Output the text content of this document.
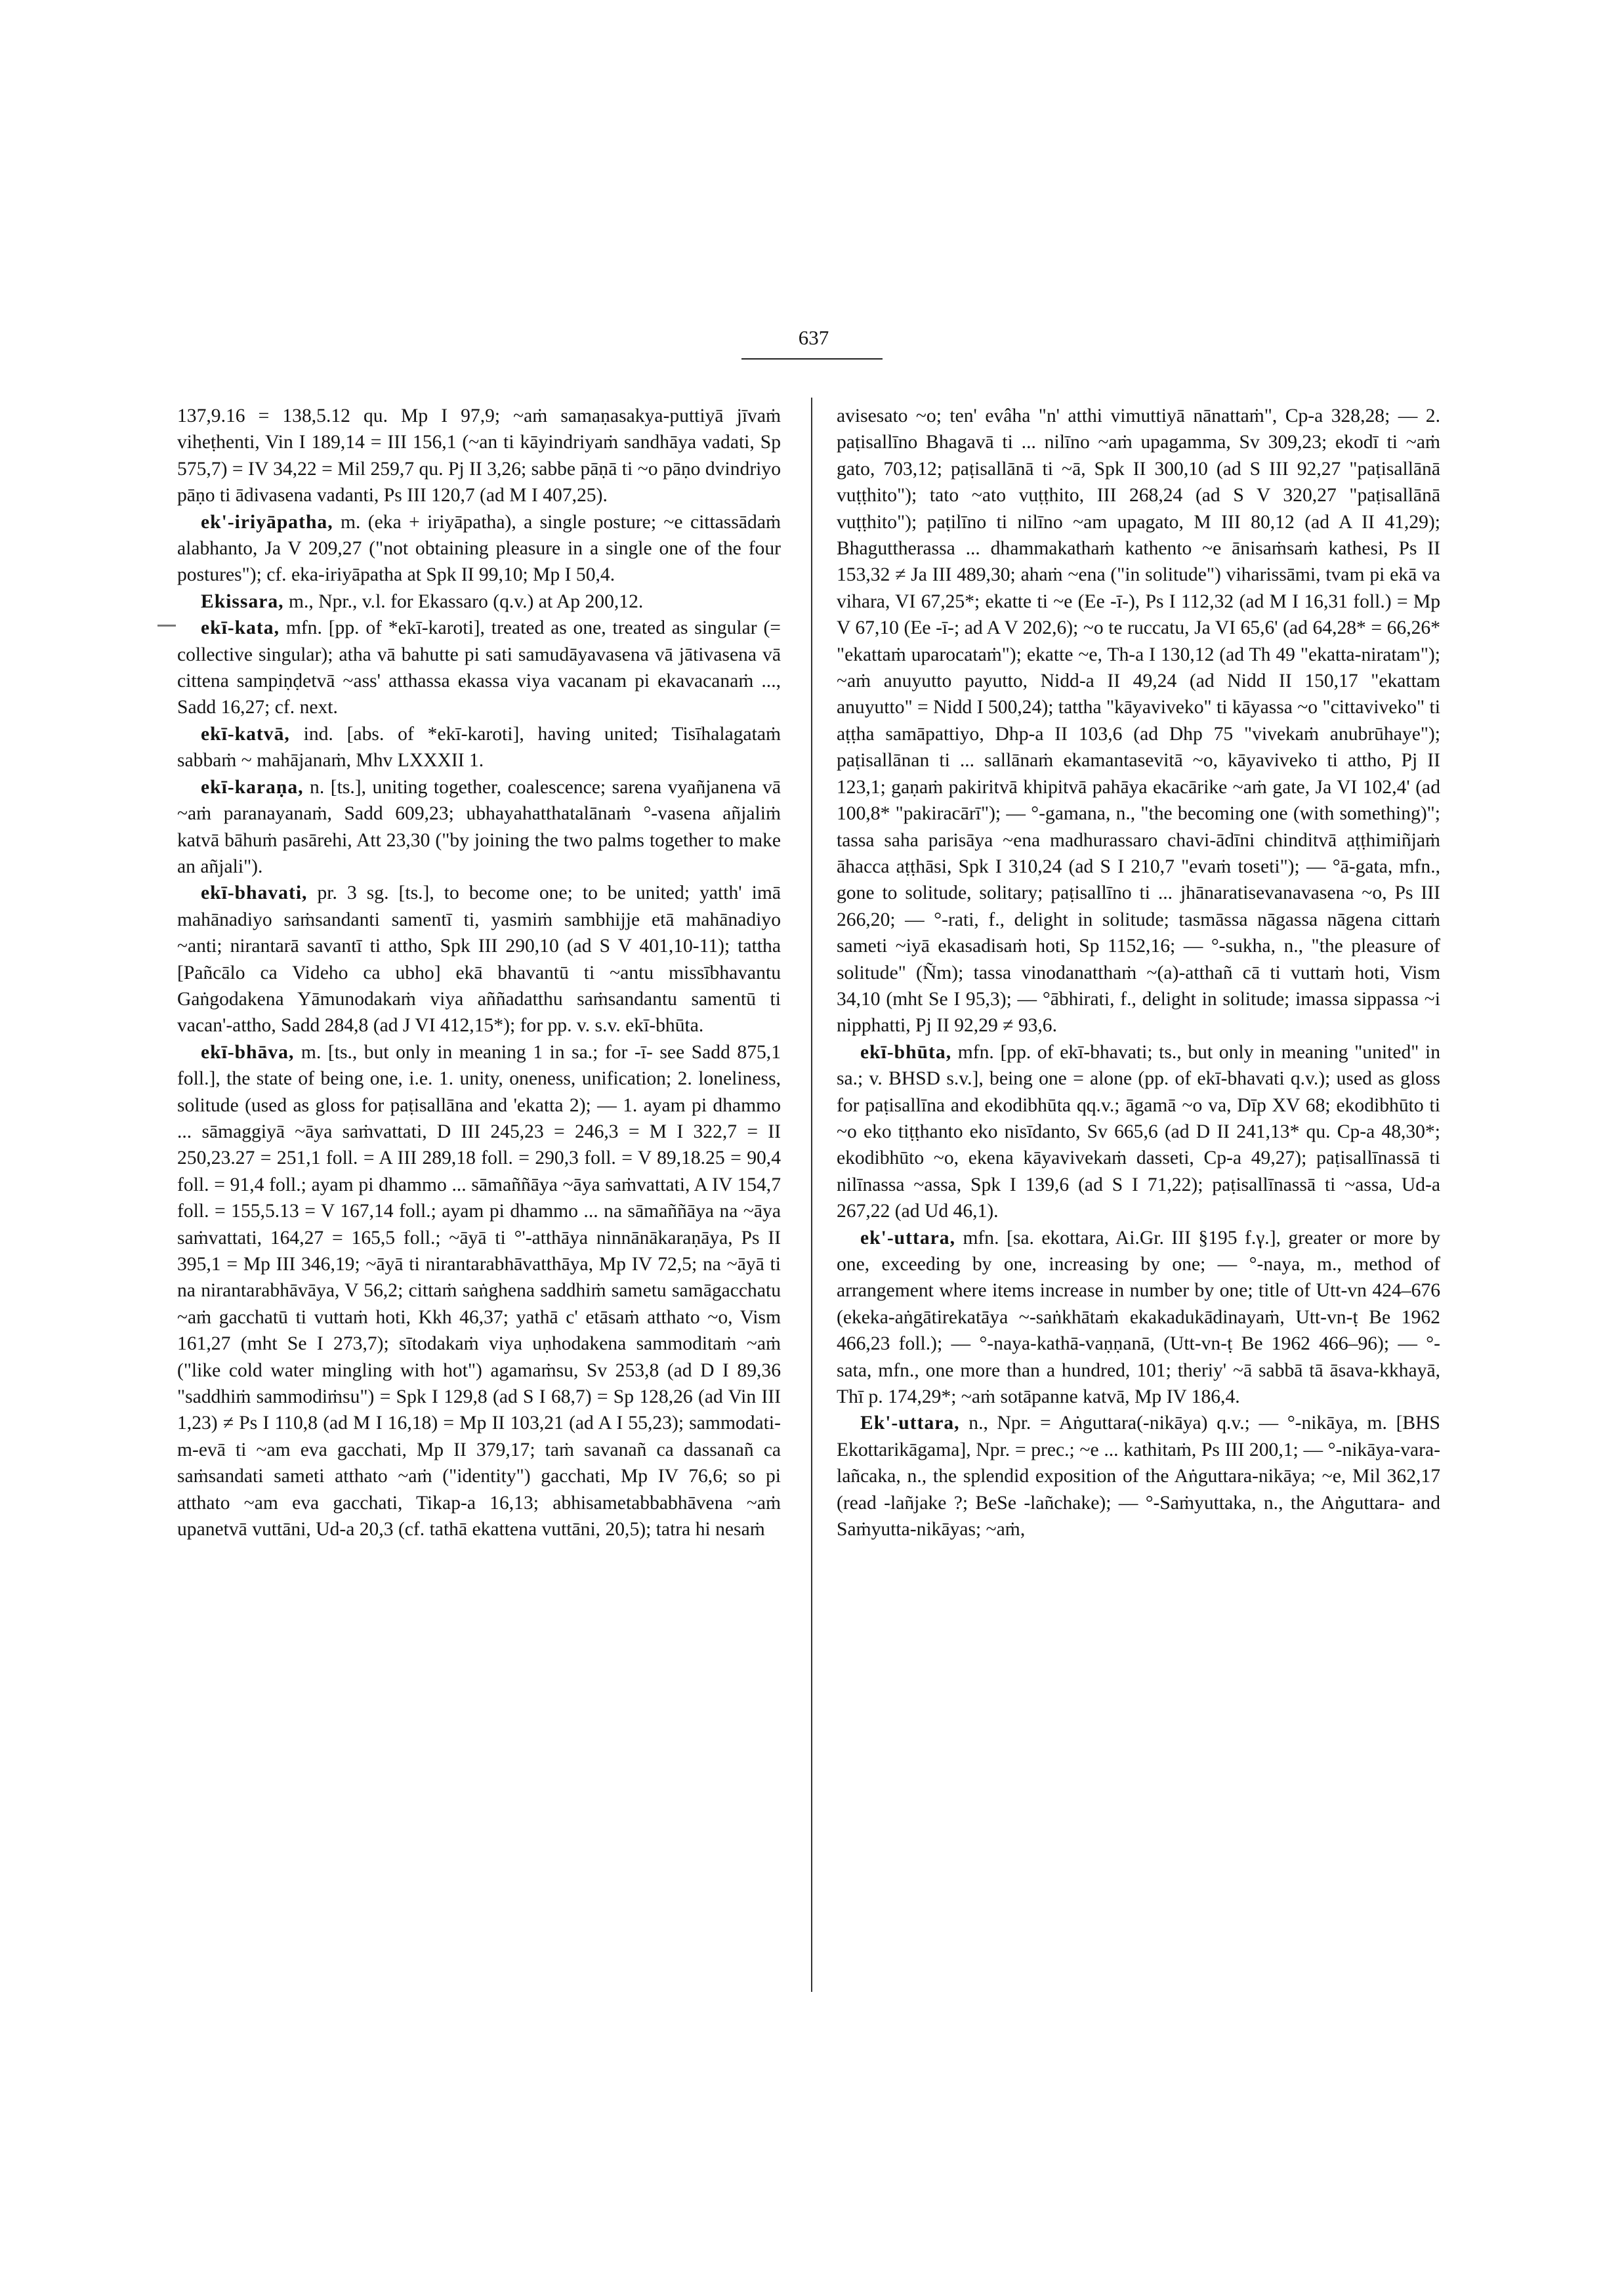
637

137,9.16 = 138,5.12 qu. Mp I 97,9; ~aṁ samaṇasakya-puttiyā jīvaṁ viheṭhenti, Vin I 189,14 = III 156,1 (~an ti kāyindriyaṁ sandhāya vadati, Sp 575,7) = IV 34,22 = Mil 259,7 qu. Pj II 3,26; sabbe pāṇā ti ~o pāṇo dvindriyo pāṇo ti ādivasena vadanti, Ps III 120,7 (ad M I 407,25).

ek'-iriyāpatha, m. (eka + iriyāpatha), a single posture; ~e cittassādaṁ alabhanto, Ja V 209,27 ("not obtaining pleasure in a single one of the four postures"); cf. eka-iriyāpatha at Spk II 99,10; Mp I 50,4.

Ekissara, m., Npr., v.l. for Ekassaro (q.v.) at Ap 200,12.

ekī-kata, mfn. [pp. of *ekī-karoti], treated as one, treated as singular (= collective singular); atha vā bahutte pi sati samudāyavasena vā jātivasena vā cittena sampiṇḍetvā ~ass' atthassa ekassa viya vacanam pi ekavacanaṁ ..., Sadd 16,27; cf. next.

ekī-katvā, ind. [abs. of *ekī-karoti], having united; Tisīhalagataṁ sabbaṁ ~ mahājanaṁ, Mhv LXXXII 1.

ekī-karaṇa, n. [ts.], uniting together, coalescence; sarena vyañjanena vā ~aṁ paranayanaṁ, Sadd 609,23; ubhayahatthatalānaṁ °-vasena añjaliṁ katvā bāhuṁ pasārehi, Att 23,30 ("by joining the two palms together to make an añjali").

ekī-bhavati, pr. 3 sg. [ts.], to become one; to be united; yatth' imā mahānadiyo saṁsandanti samentī ti, yasmiṁ sambhijje etā mahānadiyo ~anti; nirantarā savantī ti attho, Spk III 290,10 (ad S V 401,10-11); tattha [Pañcālo ca Videho ca ubho] ekā bhavantū ti ~antu missībhavantu Gaṅgodakena Yāmunodakaṁ viya aññadatthu saṁsandantu samentū ti vacan'-attho, Sadd 284,8 (ad J VI 412,15*); for pp. v. s.v. ekī-bhūta.

ekī-bhāva, m. [ts., but only in meaning 1 in sa.; for -ī- see Sadd 875,1 foll.], the state of being one, i.e. 1. unity, oneness, unification; 2. loneliness, solitude (used as gloss for paṭisallāna and 'ekatta 2); — 1. ayam pi dhammo ... sāmaggiyā ~āya saṁvattati, D III 245,23 = 246,3 = M I 322,7 = II 250,23.27 = 251,1 foll. = A III 289,18 foll. = 290,3 foll. = V 89,18.25 = 90,4 foll. = 91,4 foll.; ayam pi dhammo ... sāmaññāya ~āya saṁvattati, A IV 154,7 foll. = 155,5.13 = V 167,14 foll.; ayam pi dhammo ... na sāmaññāya na ~āya saṁvattati, 164,27 = 165,5 foll.; ~āyā ti °'-atthāya ninnānākaraṇāya, Ps II 395,1 = Mp III 346,19; ~āyā ti nirantarabhāvatthāya, Mp IV 72,5; na ~āyā ti na nirantarabhāvāya, V 56,2; cittaṁ saṅghena saddhiṁ sametu samāgacchatu ~aṁ gacchatū ti vuttaṁ hoti, Kkh 46,37; yathā c' etāsaṁ atthato ~o, Vism 161,27 (mht Se I 273,7); sītodakaṁ viya uṇhodakena sammoditaṁ ~aṁ ("like cold water mingling with hot") agamaṁsu, Sv 253,8 (ad D I 89,36 "saddhiṁ sammodiṁsu") = Spk I 129,8 (ad S I 68,7) = Sp 128,26 (ad Vin III 1,23) ≠ Ps I 110,8 (ad M I 16,18) = Mp II 103,21 (ad A I 55,23); sammodati-m-evā ti ~am eva gacchati, Mp II 379,17; taṁ savanañ ca dassanañ ca saṁsandati sameti atthato ~aṁ ("identity") gacchati, Mp IV 76,6; so pi atthato ~am eva gacchati, Tikap-a 16,13; abhisametabbabhāvena ~aṁ upanetvā vuttāni, Ud-a 20,3 (cf. tathā ekattena vuttāni, 20,5); tatra hi nesaṁ

avisesato ~o; ten' evâha "n' atthi vimuttiyā nānattaṁ", Cp-a 328,28; — 2. paṭisallīno Bhagavā ti ... nilīno ~aṁ upagamma, Sv 309,23; ekodī ti ~aṁ gato, 703,12; paṭisallānā ti ~ā, Spk II 300,10 (ad S III 92,27 "paṭisallānā vuṭṭhito"); tato ~ato vuṭṭhito, III 268,24 (ad S V 320,27 "paṭisallānā vuṭṭhito"); paṭilīno ti nilīno ~am upagato, M III 80,12 (ad A II 41,29); Bhaguttherassa ... dhammakathaṁ kathento ~e ānisaṁsaṁ kathesi, Ps II 153,32 ≠ Ja III 489,30; ahaṁ ~ena ("in solitude") viharissāmi, tvam pi ekā va vihara, VI 67,25*; ekatte ti ~e (Ee -ī-), Ps I 112,32 (ad M I 16,31 foll.) = Mp V 67,10 (Ee -ī-; ad A V 202,6); ~o te ruccatu, Ja VI 65,6' (ad 64,28* = 66,26* "ekattaṁ uparocataṁ"); ekatte ~e, Th-a I 130,12 (ad Th 49 "ekatta-niratam"); ~aṁ anuyutto payutto, Nidd-a II 49,24 (ad Nidd II 150,17 "ekattam anuyutto" = Nidd I 500,24); tattha "kāyaviveko" ti kāyassa ~o "cittaviveko" ti aṭṭha samāpattiyo, Dhp-a II 103,6 (ad Dhp 75 "vivekaṁ anubrūhaye"); paṭisallānan ti ... sallānaṁ ekamantasevitā ~o, kāyaviveko ti attho, Pj II 123,1; gaṇaṁ pakiritvā khipitvā pahāya ekacārike ~aṁ gate, Ja VI 102,4' (ad 100,8* "pakiracārī"); — °-gamana, n., "the becoming one (with something)"; tassa saha parisāya ~ena madhurassaro chavi-ādīni chinditvā aṭṭhimiñjaṁ āhacca aṭṭhāsi, Spk I 310,24 (ad S I 210,7 "evaṁ toseti"); — °ā-gata, mfn., gone to solitude, solitary; paṭisallīno ti ... jhānaratisevanavasena ~o, Ps III 266,20; — °-rati, f., delight in solitude; tasmāssa nāgassa nāgena cittaṁ sameti ~iyā ekasadisaṁ hoti, Sp 1152,16; — °-sukha, n., "the pleasure of solitude" (Ñm); tassa vinodanatthaṁ ~(a)-atthañ cā ti vuttaṁ hoti, Vism 34,10 (mht Se I 95,3); — °ābhirati, f., delight in solitude; imassa sippassa ~i nipphatti, Pj II 92,29 ≠ 93,6.

ekī-bhūta, mfn. [pp. of ekī-bhavati; ts., but only in meaning "united" in sa.; v. BHSD s.v.], being one = alone (pp. of ekī-bhavati q.v.); used as gloss for paṭisallīna and ekodibhūta qq.v.; āgamā ~o va, Dīp XV 68; ekodibhūto ti ~o eko tiṭṭhanto eko nisīdanto, Sv 665,6 (ad D II 241,13* qu. Cp-a 48,30*; ekodibhūto ~o, ekena kāyavivekaṁ dasseti, Cp-a 49,27); paṭisallīnassā ti nilīnassa ~assa, Spk I 139,6 (ad S I 71,22); paṭisallīnassā ti ~assa, Ud-a 267,22 (ad Ud 46,1).

ek'-uttara, mfn. [sa. ekottara, Ai.Gr. III §195 f.γ.], greater or more by one, exceeding by one, increasing by one; — °-naya, m., method of arrangement where items increase in number by one; title of Utt-vn 424–676 (ekeka-aṅgātirekatāya ~-saṅkhātaṁ ekakadukādinayaṁ, Utt-vn-ṭ Be 1962 466,23 foll.); — °-naya-kathā-vaṇṇanā, (Utt-vn-ṭ Be 1962 466–96); — °-sata, mfn., one more than a hundred, 101; theriy' ~ā sabbā tā āsava-kkhayā, Thī p. 174,29*; ~aṁ sotāpanne katvā, Mp IV 186,4.

Ek'-uttara, n., Npr. = Aṅguttara(-nikāya) q.v.; — °-nikāya, m. [BHS Ekottarikāgama], Npr. = prec.; ~e ... kathitaṁ, Ps III 200,1; — °-nikāya-vara-lañcaka, n., the splendid exposition of the Aṅguttara-nikāya; ~e, Mil 362,17 (read -lañjake ?; BeSe -lañchake); — °-Saṁyuttaka, n., the Aṅguttara- and Saṁyutta-nikāyas; ~aṁ,
